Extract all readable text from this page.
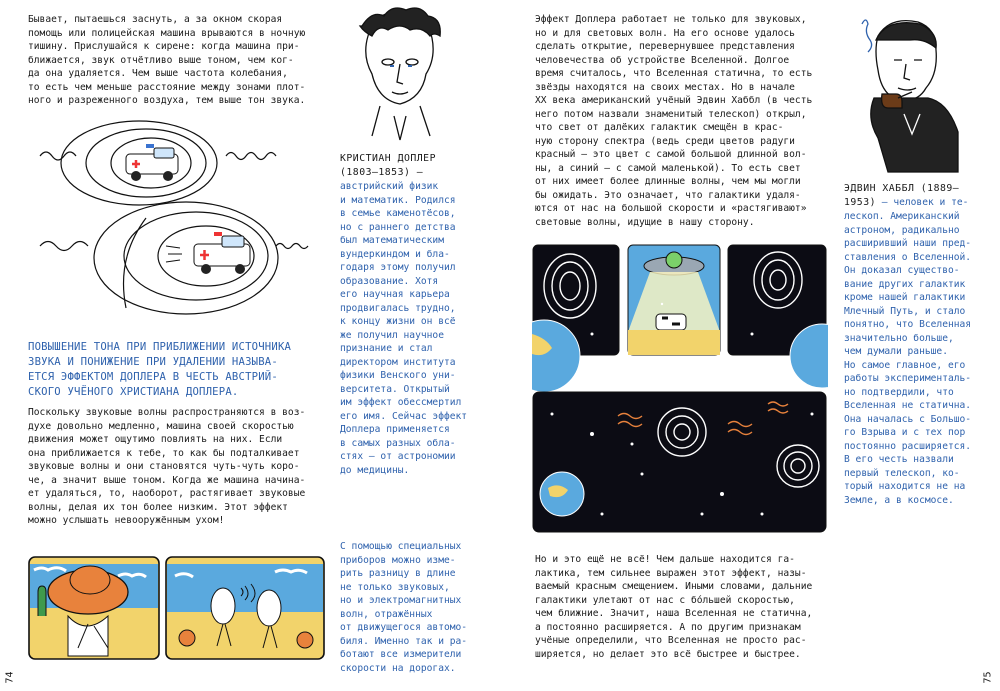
Бывает, пытаешься заснуть, а за окном скорая
помощь или полицейская машина врываются в ночную
тишину. Прислушайся к сирене: когда машина при-
ближается, звук отчётливо выше тоном, чем ког-
да она удаляется. Чем выше частота колебания,
то есть чем меньше расстояние между зонами плот-
ного и разреженного воздуха, тем выше тон звука.

ПОВЫШЕНИЕ ТОНА ПРИ ПРИБЛИЖЕНИИ ИСТОЧНИКА
ЗВУКА И ПОНИЖЕНИЕ ПРИ УДАЛЕНИИ НАЗЫВА-
ЕТСЯ ЭФФЕКТОМ ДОПЛЕРА В ЧЕСТЬ АВСТРИЙ-
СКОГО УЧЁНОГО ХРИСТИАНА ДОПЛЕРА.

Поскольку звуковые волны распространяются в воз-
духе довольно медленно, машина своей скоростью
движения может ощутимо повлиять на них. Если
она приближается к тебе, то как бы подталкивает
звуковые волны и они становятся чуть-чуть коро-
че, а значит выше тоном. Когда же машина начина-
ет удаляться, то, наоборот, растягивает звуковые
волны, делая их тон более низким. Этот эффект
можно услышать невооружённым ухом!

КРИСТИАН ДОПЛЕР

(1803–1853) —

австрийский физик
и математик. Родился
в семье каменотёсов,
но с раннего детства
был математическим
вундеркиндом и бла-
годаря этому получил
образование. Хотя
его научная карьера
продвигалась трудно,
к концу жизни он всё
же получил научное
признание и стал
директором института
физики Венского уни-
верситета. Открытый
им эффект обессмертил
его имя. Сейчас эффект
Доплера применяется
в самых разных обла-
стях — от астрономии
до медицины.

С помощью специальных
приборов можно изме-
рить разницу в длине
не только звуковых,
но и электромагнитных
волн, отражённых
от движущегося автомо-
биля. Именно так и ра-
ботают все измерители
скорости на дорогах.

74

Эффект Доплера работает не только для звуковых,
но и для световых волн. На его основе удалось
сделать открытие, перевернувшее представления
человечества об устройстве Вселенной. Долгое
время считалось, что Вселенная статична, то есть
звёзды находятся на своих местах. Но в начале
XX века американский учёный Эдвин Хаббл (в честь
него потом назвали знаменитый телескоп) открыл,
что свет от далёких галактик смещён в крас-
ную сторону спектра (ведь среди цветов радуги
красный — это цвет с самой большой длинной вол-
ны, а синий — с самой маленькой). То есть свет
от них имеет более длинные волны, чем мы могли
бы ожидать. Это означает, что галактики удаля-
ются от нас на большой скорости и «растягивают»
световые волны, идущие в нашу сторону.

ЭДВИН ХАББЛ (1889–

1953) — человек и те-

лескоп. Американский
астроном, радикально
расширивший наши пред-
ставления о Вселенной.
Он доказал существо-
вание других галактик
кроме нашей галактики
Млечный Путь, и стало
понятно, что Вселенная
значительно больше,
чем думали раньше.
Но самое главное, его
работы эксперименталь-
но подтвердили, что
Вселенная не статична.
Она началась с Большо-
го Взрыва и с тех пор
постоянно расширяется.
В его честь назвали
первый телескоп, ко-
торый находится не на
Земле, а в космосе.

Но и это ещё не всё! Чем дальше находится га-
лактика, тем сильнее выражен этот эффект, назы-
ваемый красным смещением. Иными словами, дальние
галактики улетают от нас с бо́льшей скоростью,
чем ближние. Значит, наша Вселенная не статична,
а постоянно расширяется. А по другим признакам
учёные определили, что Вселенная не просто рас-
ширяется, но делает это всё быстрее и быстрее.

75
